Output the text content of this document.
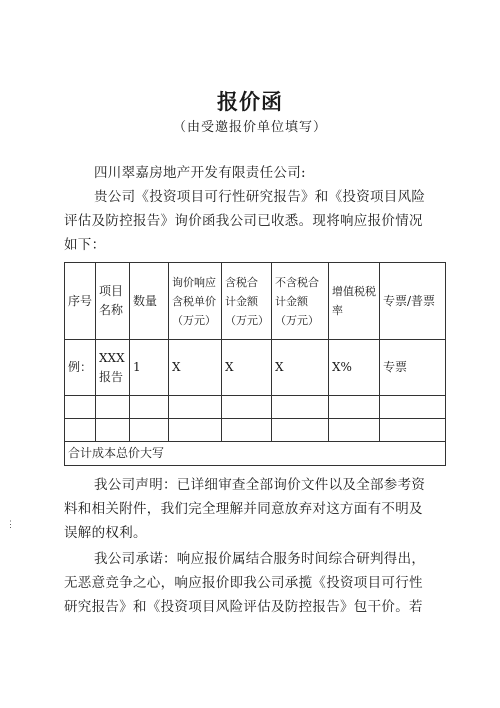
报价函
（由受邀报价单位填写）
四川翠嘉房地产开发有限责任公司:
贵公司《投资项目可行性研究报告》和《投资项目风险
评估及防控报告》询价函我公司已收悉。现将响应报价情况
如下：
序号	项目名称	数量	询价响应含税单价（万元）	含税合计金额（万元）	不含税合计金额（万元）	增值税税率	专票/普票
例：	XXX报告	1	X	X	X	X%	专票

合计成本总价大写							
我公司声明：已详细审查全部询价文件以及全部参考资
料和相关附件，我们完全理解并同意放弃对这方面有不明及
误解的权利。
我公司承诺：响应报价属结合服务时间综合研判得出，
无恶意竞争之心，响应报价即我公司承揽《投资项目可行性
研究报告》和《投资项目风险评估及防控报告》包干价。若
⋮
